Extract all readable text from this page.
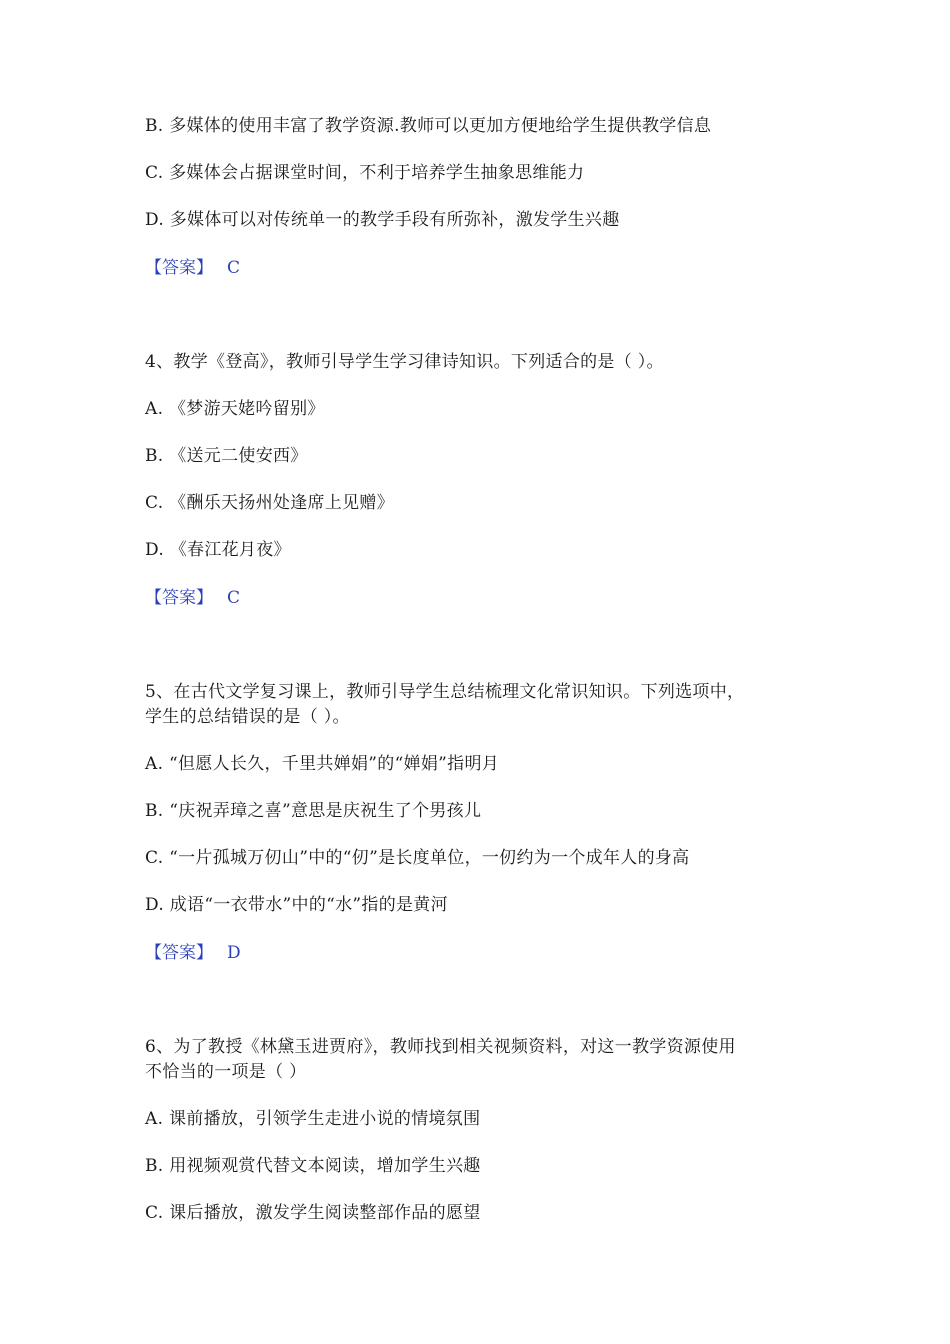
B. 多媒体的使用丰富了教学资源.教师可以更加方便地给学生提供教学信息
C. 多媒体会占据课堂时间，不利于培养学生抽象思维能力
D. 多媒体可以对传统单一的教学手段有所弥补，激发学生兴趣
【答案】 C
4、教学《登高》，教师引导学生学习律诗知识。下列适合的是（ ）。
A. 《梦游天姥吟留别》
B. 《送元二使安西》
C. 《酬乐天扬州处逢席上见赠》
D. 《春江花月夜》
【答案】 C
5、在古代文学复习课上，教师引导学生总结梳理文化常识知识。下列选项中，
学生的总结错误的是（ ）。
A. “但愿人长久，千里共婵娟”的“婵娟”指明月
B. “庆祝弄璋之喜”意思是庆祝生了个男孩儿
C. “一片孤城万仞山”中的“仞”是长度单位，一仞约为一个成年人的身高
D. 成语“一衣带水”中的“水”指的是黄河
【答案】 D
6、为了教授《林黛玉进贾府》，教师找到相关视频资料，对这一教学资源使用
不恰当的一项是（ ）
A. 课前播放，引领学生走进小说的情境氛围
B. 用视频观赏代替文本阅读，增加学生兴趣
C. 课后播放，激发学生阅读整部作品的愿望
